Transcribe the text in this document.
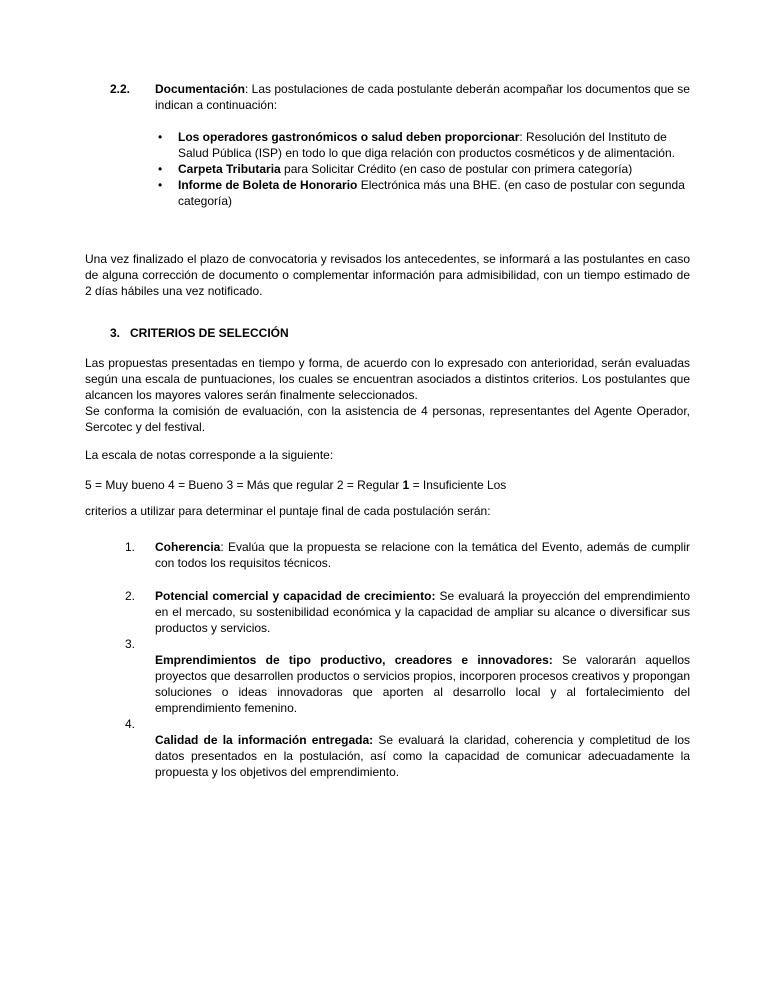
2.2.	Documentación: Las postulaciones de cada postulante deberán acompañar los documentos que se indican a continuación:
•	Los operadores gastronómicos o salud deben proporcionar: Resolución del Instituto de Salud Pública (ISP) en todo lo que diga relación con productos cosméticos y de alimentación.
•	Carpeta Tributaria para Solicitar Crédito (en caso de postular con primera categoría)
•	Informe de Boleta de Honorario Electrónica más una BHE. (en caso de postular con segunda categoría)

Una vez finalizado el plazo de convocatoria y revisados los antecedentes, se informará a las postulantes en caso de alguna corrección de documento o complementar información para admisibilidad, con un tiempo estimado de 2 días hábiles una vez notificado.

3. CRITERIOS DE SELECCIÓN

Las propuestas presentadas en tiempo y forma, de acuerdo con lo expresado con anterioridad, serán evaluadas según una escala de puntuaciones, los cuales se encuentran asociados a distintos criterios. Los postulantes que alcancen los mayores valores serán finalmente seleccionados.

Se conforma la comisión de evaluación, con la asistencia de 4 personas, representantes del Agente Operador, Sercotec y del festival.

La escala de notas corresponde a la siguiente:

5 = Muy bueno 4 = Bueno 3 = Más que regular 2 = Regular 1 = Insuficiente Los

criterios a utilizar para determinar el puntaje final de cada postulación serán:

1.	Coherencia: Evalúa que la propuesta se relacione con la temática del Evento, además de cumplir con todos los requisitos técnicos.
2.	Potencial comercial y capacidad de crecimiento: Se evaluará la proyección del emprendimiento en el mercado, su sostenibilidad económica y la capacidad de ampliar su alcance o diversificar sus productos y servicios.
3.
Emprendimientos de tipo productivo, creadores e innovadores: Se valorarán aquellos proyectos que desarrollen productos o servicios propios, incorporen procesos creativos y propongan soluciones o ideas innovadoras que aporten al desarrollo local y al fortalecimiento del emprendimiento femenino.
4.
Calidad de la información entregada: Se evaluará la claridad, coherencia y completitud de los datos presentados en la postulación, así como la capacidad de comunicar adecuadamente la propuesta y los objetivos del emprendimiento.
